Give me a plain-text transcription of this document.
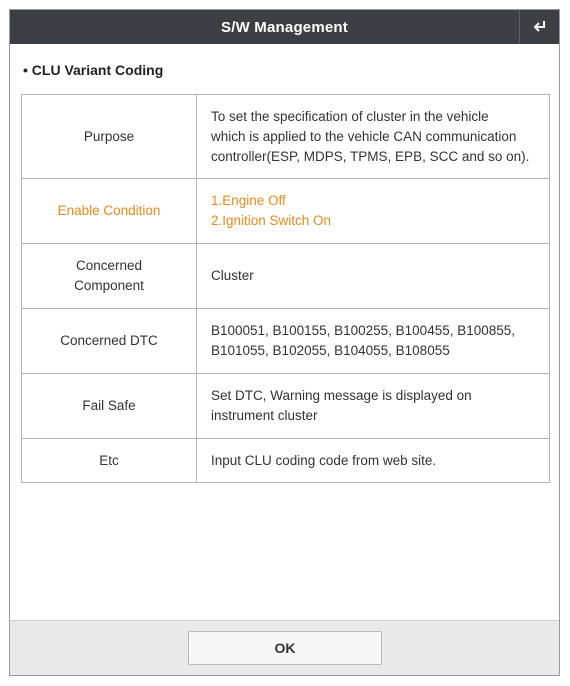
S/W Management
• CLU Variant Coding
Purpose	To set the specification of cluster in the vehicle
which is applied to the vehicle CAN communication
controller(ESP, MDPS, TPMS, EPB, SCC and so on).

Enable Condition	1.Engine Off
2.Ignition Switch On

Concerned
Component	Cluster

Concerned DTC	B100051, B100155, B100255, B100455, B100855,
B101055, B102055, B104055, B108055

Fail Safe	Set DTC, Warning message is displayed on
instrument cluster

Etc	Input CLU coding code from web site.
OK
